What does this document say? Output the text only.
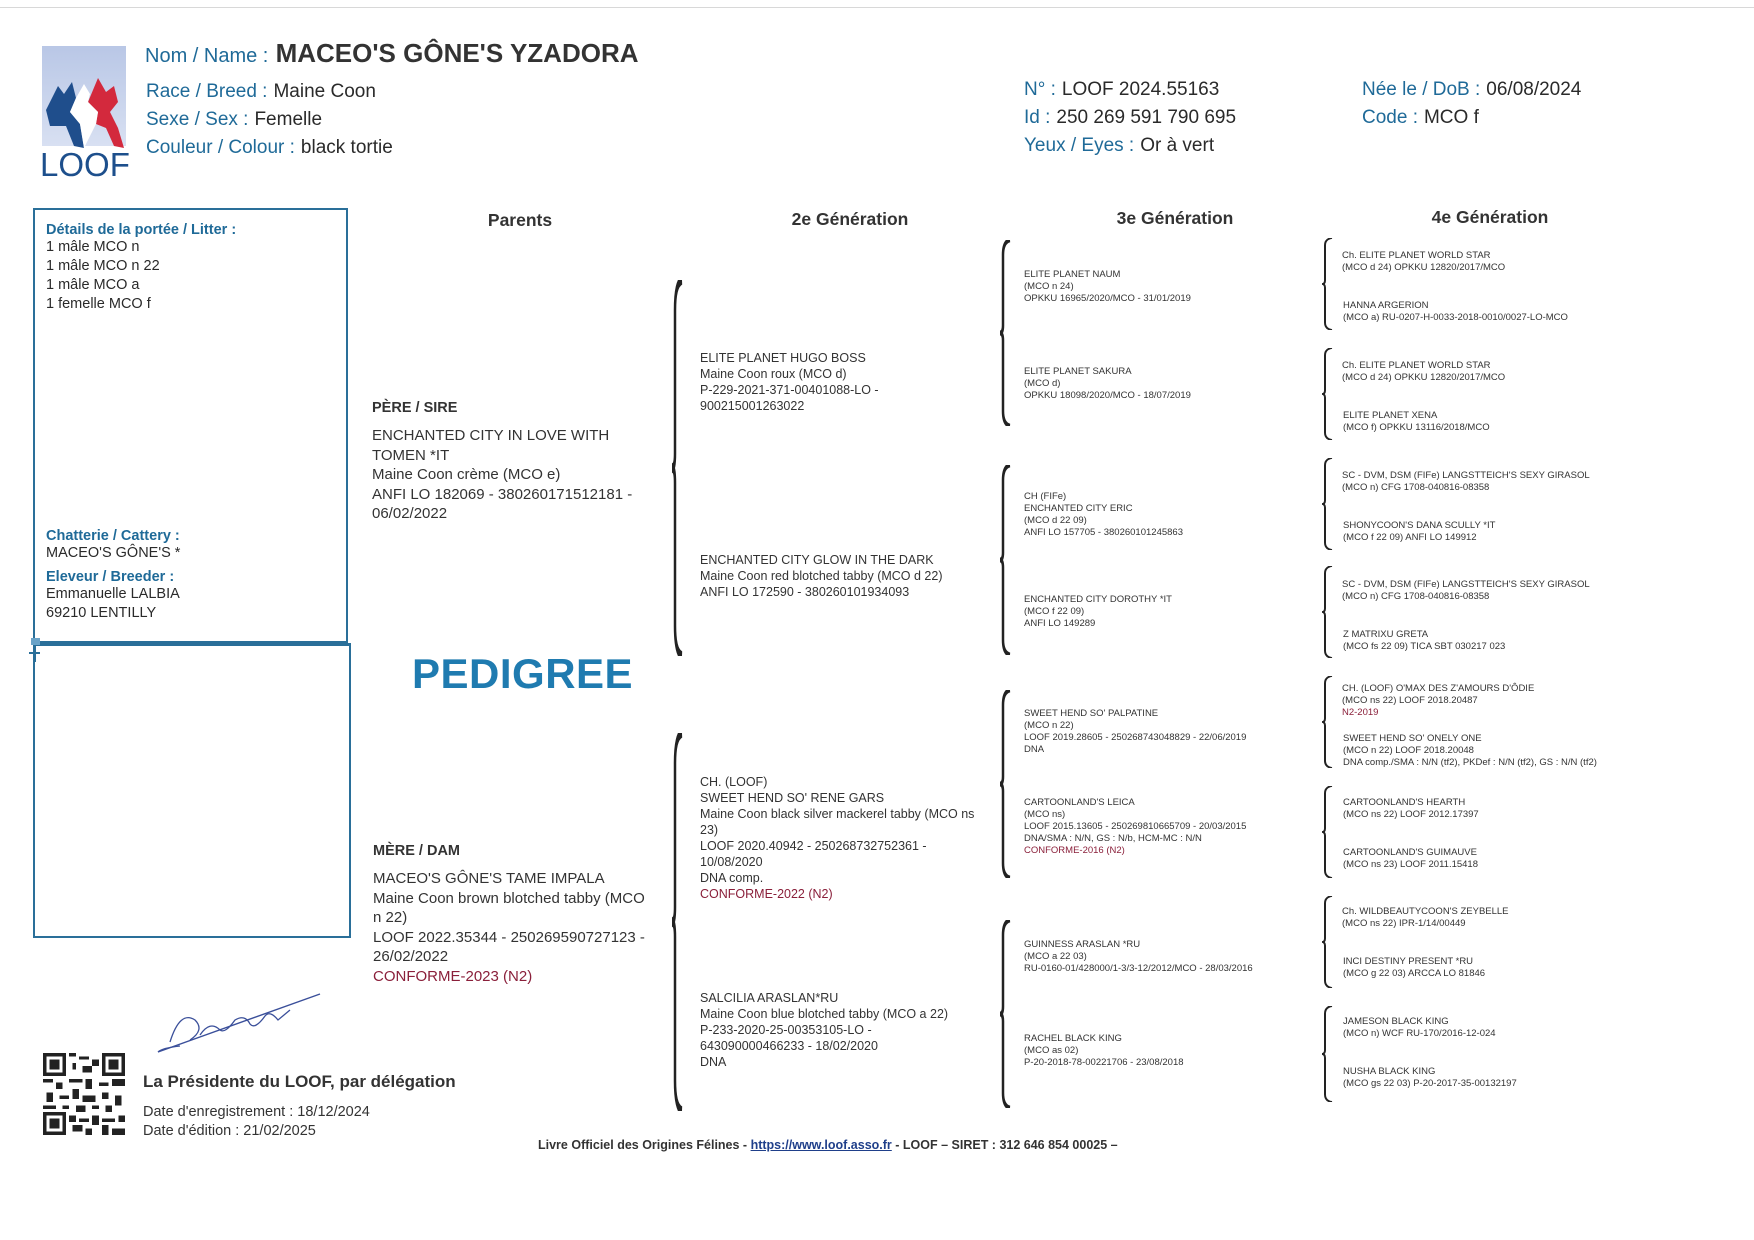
LOOF
Nom / Name : MACEO'S GÔNE'S YZADORA
Race / Breed : Maine Coon
Sexe / Sex : Femelle
Couleur / Colour : black tortie
N° : LOOF 2024.55163
Id : 250 269 591 790 695
Yeux / Eyes : Or à vert
Née le / DoB : 06/08/2024
Code : MCO f
Détails de la portée / Litter :
1 mâle MCO n
1 mâle MCO n 22
1 mâle MCO a
1 femelle MCO f
Chatterie / Cattery :
MACEO'S GÔNE'S *
Eleveur / Breeder :
Emmanuelle LALBIA
69210 LENTILLY
Parents	2e Génération	3e Génération	4e Génération
PEDIGREE
PÈRE / SIRE
ENCHANTED CITY IN LOVE WITH
TOMEN *IT
Maine Coon crème (MCO e)
ANFI LO 182069 - 380260171512181 -
06/02/2022
MÈRE / DAM
MACEO'S GÔNE'S TAME IMPALA
Maine Coon brown blotched tabby (MCO
n 22)
LOOF 2022.35344 - 250269590727123 -
26/02/2022
CONFORME-2023 (N2)
ELITE PLANET HUGO BOSS
Maine Coon roux (MCO d)
P-229-2021-371-00401088-LO -
900215001263022
ENCHANTED CITY GLOW IN THE DARK
Maine Coon red blotched tabby (MCO d 22)
ANFI LO 172590 - 380260101934093
CH. (LOOF)
SWEET HEND SO' RENE GARS
Maine Coon black silver mackerel tabby (MCO ns
23)
LOOF 2020.40942 - 250268732752361 -
10/08/2020
DNA comp.
CONFORME-2022 (N2)
SALCILIA ARASLAN*RU
Maine Coon blue blotched tabby (MCO a 22)
P-233-2020-25-00353105-LO -
643090000466233 - 18/02/2020
DNA
ELITE PLANET NAUM
(MCO n 24)
OPKKU 16965/2020/MCO - 31/01/2019
ELITE PLANET SAKURA
(MCO d)
OPKKU 18098/2020/MCO - 18/07/2019
CH (FIFe)
ENCHANTED CITY ERIC
(MCO d 22 09)
ANFI LO 157705 - 380260101245863
ENCHANTED CITY DOROTHY *IT
(MCO f 22 09)
ANFI LO 149289
SWEET HEND SO' PALPATINE
(MCO n 22)
LOOF 2019.28605 - 250268743048829 - 22/06/2019
DNA
CARTOONLAND'S LEICA
(MCO ns)
LOOF 2015.13605 - 250269810665709 - 20/03/2015
DNA/SMA : N/N, GS : N/b, HCM-MC : N/N
CONFORME-2016 (N2)
GUINNESS ARASLAN *RU
(MCO a 22 03)
RU-0160-01/428000/1-3/3-12/2012/MCO - 28/03/2016
RACHEL BLACK KING
(MCO as 02)
P-20-2018-78-00221706 - 23/08/2018
Ch. ELITE PLANET WORLD STAR
(MCO d 24) OPKKU 12820/2017/MCO
HANNA ARGERION
(MCO a) RU-0207-H-0033-2018-0010/0027-LO-MCO
Ch. ELITE PLANET WORLD STAR
(MCO d 24) OPKKU 12820/2017/MCO
ELITE PLANET XENA
(MCO f) OPKKU 13116/2018/MCO
SC - DVM, DSM (FIFe) LANGSTTEICH'S SEXY GIRASOL
(MCO n) CFG 1708-040816-08358
SHONYCOON'S DANA SCULLY *IT
(MCO f 22 09) ANFI LO 149912
SC - DVM, DSM (FIFe) LANGSTTEICH'S SEXY GIRASOL
(MCO n) CFG 1708-040816-08358
Z MATRIXU GRETA
(MCO fs 22 09) TICA SBT 030217 023
CH. (LOOF) O'MAX DES Z'AMOURS D'ÔDIE
(MCO ns 22) LOOF 2018.20487
N2-2019
SWEET HEND SO' ONELY ONE
(MCO n 22) LOOF 2018.20048
DNA comp./SMA : N/N (tf2), PKDef : N/N (tf2), GS : N/N (tf2)
CARTOONLAND'S HEARTH
(MCO ns 22) LOOF 2012.17397
CARTOONLAND'S GUIMAUVE
(MCO ns 23) LOOF 2011.15418
Ch. WILDBEAUTYCOON'S ZEYBELLE
(MCO ns 22) IPR-1/14/00449
INCI DESTINY PRESENT *RU
(MCO g 22 03) ARCCA LO 81846
JAMESON BLACK KING
(MCO n) WCF RU-170/2016-12-024
NUSHA BLACK KING
(MCO gs 22 03) P-20-2017-35-00132197
La Présidente du LOOF, par délégation
Date d'enregistrement : 18/12/2024
Date d'édition : 21/02/2025
Livre Officiel des Origines Félines - https://www.loof.asso.fr - LOOF – SIRET : 312 646 854 00025 –
